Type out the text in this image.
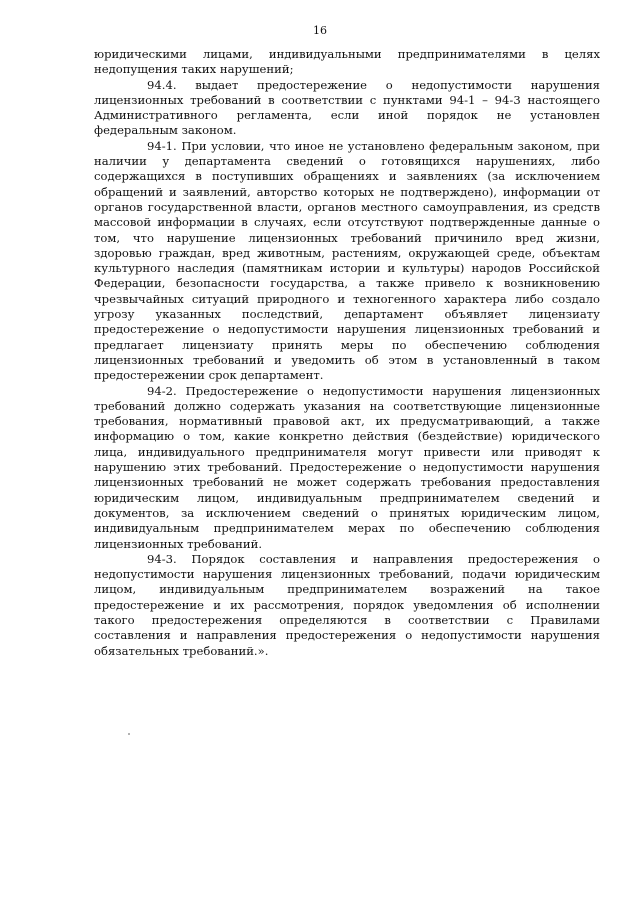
16
юридическими лицами, индивидуальными предпринимателями в целях
недопущения таких нарушений;
94.4. выдает предостережение о недопустимости нарушения
лицензионных требований в соответствии с пунктами 94-1 – 94-3 настоящего
Административного регламента, если иной порядок не установлен
федеральным законом.
94-1. При условии, что иное не установлено федеральным законом, при
наличии у департамента сведений о готовящихся нарушениях, либо
содержащихся в поступивших обращениях и заявлениях (за исключением
обращений и заявлений, авторство которых не подтверждено), информации от
органов государственной власти, органов местного самоуправления, из средств
массовой информации в случаях, если отсутствуют подтвержденные данные о
том, что нарушение лицензионных требований причинило вред жизни,
здоровью граждан, вред животным, растениям, окружающей среде, объектам
культурного наследия (памятникам истории и культуры) народов Российской
Федерации, безопасности государства, а также привело к возникновению
чрезвычайных ситуаций природного и техногенного характера либо создало
угрозу указанных последствий, департамент объявляет лицензиату
предостережение о недопустимости нарушения лицензионных требований и
предлагает лицензиату принять меры по обеспечению соблюдения
лицензионных требований и уведомить об этом в установленный в таком
предостережении срок департамент.
94-2. Предостережение о недопустимости нарушения лицензионных
требований должно содержать указания на соответствующие лицензионные
требования, нормативный правовой акт, их предусматривающий, а также
информацию о том, какие конкретно действия (бездействие) юридического
лица, индивидуального предпринимателя могут привести или приводят к
нарушению этих требований. Предостережение о недопустимости нарушения
лицензионных требований не может содержать требования предоставления
юридическим лицом, индивидуальным предпринимателем сведений и
документов, за исключением сведений о принятых юридическим лицом,
индивидуальным предпринимателем мерах по обеспечению соблюдения
лицензионных требований.
94-3. Порядок составления и направления предостережения о
недопустимости нарушения лицензионных требований, подачи юридическим
лицом, индивидуальным предпринимателем возражений на такое
предостережение и их рассмотрения, порядок уведомления об исполнении
такого предостережения определяются в соответствии с Правилами
составления и направления предостережения о недопустимости нарушения
обязательных требований.».
